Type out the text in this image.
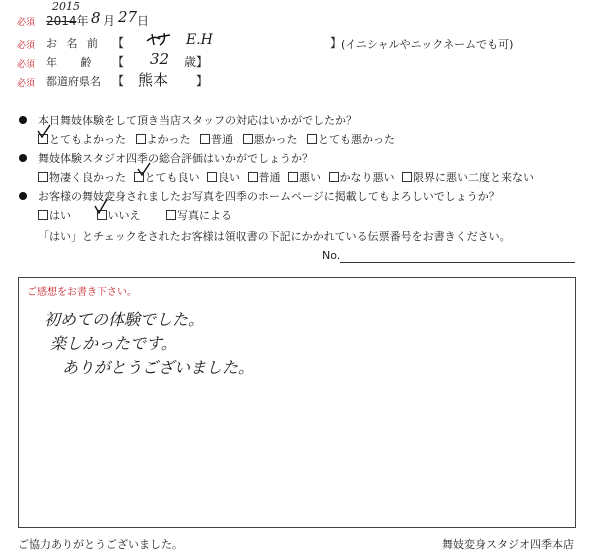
必須 2014年
2015
8 月 27 日
必須 お 名 前 【	E.H	】
(イニシャルやニックネームでも可)
必須 年　 齢 【 32 歳】
必須 都道府県名 【 熊本 】
本日舞妓体験をして頂き当店スタッフの対応はいかがでしたか？
とてもよかった よかった 普通 悪かった とても悪かった
舞妓体験スタジオ四季の総合評価はいかがでしょうか？
物凄く良かった とても良い 良い 普通 悪い かなり悪い 限界に悪い二度と来ない
お客様の舞妓変身されましたお写真を四季のホームページに掲載してもよろしいでしょうか？
はい	いいえ	写真による
「はい」とチェックをされたお客様は領収書の下記にかかれている伝票番号をお書きください。
No.
ご感想をお書き下さい。
初めての体験でした。
楽しかったです。
ありがとうございました。
ご協力ありがとうございました。	舞妓変身スタジオ四季本店
